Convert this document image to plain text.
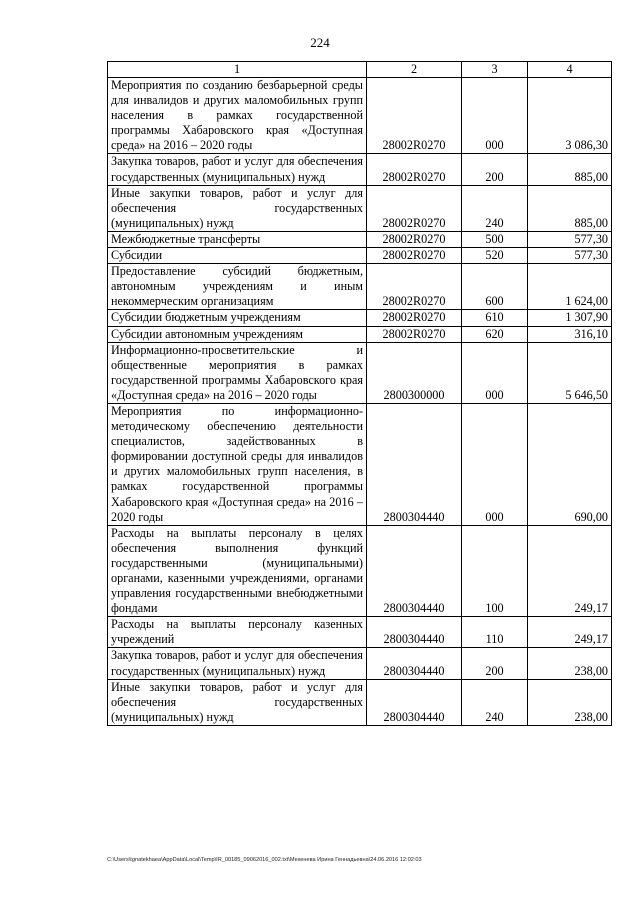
224
1	2	3	4
Мероприятия по созданию безбарьерной среды для инвалидов и других маломобильных групп населения в рамках государственной программы Хабаровского края «Доступная среда» на 2016 – 2020 годы	28002R0270	000	3 086,30
Закупка товаров, работ и услуг для обеспечения государственных (муниципальных) нужд	28002R0270	200	885,00
Иные закупки товаров, работ и услуг для обеспечения государственных (муниципальных) нужд	28002R0270	240	885,00
Межбюджетные трансферты	28002R0270	500	577,30
Субсидии	28002R0270	520	577,30
Предоставление субсидий бюджетным, автономным учреждениям и иным некоммерческим организациям	28002R0270	600	1 624,00
Субсидии бюджетным учреждениям	28002R0270	610	1 307,90
Субсидии автономным учреждениям	28002R0270	620	316,10
Информационно-просветительские и общественные мероприятия в рамках государственной программы Хабаровского края «Доступная среда» на 2016 – 2020 годы	2800300000	000	5 646,50
Мероприятия по информационно-методическому обеспечению деятельности специалистов, задействованных в формировании доступной среды для инвалидов и других маломобильных групп населения, в рамках государственной программы Хабаровского края «Доступная среда» на 2016 – 2020 годы	2800304440	000	690,00
Расходы на выплаты персоналу в целях обеспечения выполнения функций государственными (муниципальными) органами, казенными учреждениями, органами управления государственными внебюджетными фондами	2800304440	100	249,17
Расходы на выплаты персоналу казенных учреждений	2800304440	110	249,17
Закупка товаров, работ и услуг для обеспечения государственных (муниципальных) нужд	2800304440	200	238,00
Иные закупки товаров, работ и услуг для обеспечения государственных (муниципальных) нужд	2800304440	240	238,00
C:\Users\tgnatekhaea\AppData\Local\Temp\IR_00185_09062016_002.txt\Мехенева Ирина Геннадьевна\24.06.2016 12:02:03
